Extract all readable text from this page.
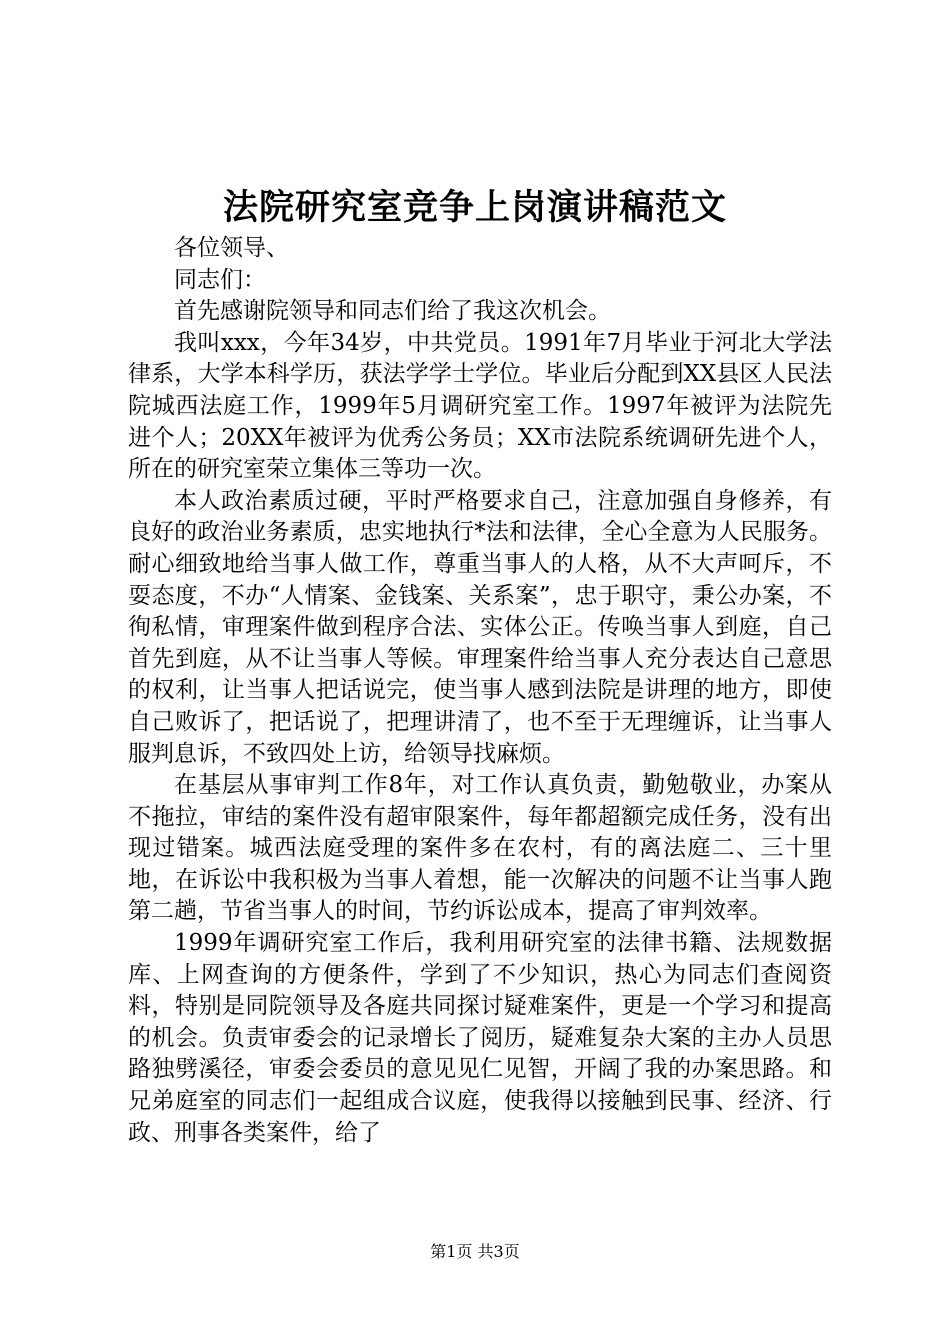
法院研究室竞争上岗演讲稿范文

各位领导、

同志们：

首先感谢院领导和同志们给了我这次机会。

我叫xxx，今年34岁，中共党员。1991年7月毕业于河北大学法律系，大学本科学历，获法学学士学位。毕业后分配到XX县区人民法院城西法庭工作，1999年5月调研究室工作。1997年被评为法院先进个人；20XX年被评为优秀公务员；XX市法院系统调研先进个人，所在的研究室荣立集体三等功一次。

本人政治素质过硬，平时严格要求自己，注意加强自身修养，有良好的政治业务素质，忠实地执行*法和法律，全心全意为人民服务。耐心细致地给当事人做工作，尊重当事人的人格，从不大声呵斥，不耍态度，不办“人情案、金钱案、关系案”，忠于职守，秉公办案，不徇私情，审理案件做到程序合法、实体公正。传唤当事人到庭，自己首先到庭，从不让当事人等候。审理案件给当事人充分表达自己意思的权利，让当事人把话说完，使当事人感到法院是讲理的地方，即使自己败诉了，把话说了，把理讲清了，也不至于无理缠诉，让当事人服判息诉，不致四处上访，给领导找麻烦。

在基层从事审判工作8年，对工作认真负责，勤勉敬业，办案从不拖拉，审结的案件没有超审限案件，每年都超额完成任务，没有出现过错案。城西法庭受理的案件多在农村，有的离法庭二、三十里地，在诉讼中我积极为当事人着想，能一次解决的问题不让当事人跑第二趟，节省当事人的时间，节约诉讼成本，提高了审判效率。

1999年调研究室工作后，我利用研究室的法律书籍、法规数据库、上网查询的方便条件，学到了不少知识，热心为同志们查阅资料，特别是同院领导及各庭共同探讨疑难案件，更是一个学习和提高的机会。负责审委会的记录增长了阅历，疑难复杂大案的主办人员思路独劈溪径，审委会委员的意见见仁见智，开阔了我的办案思路。和兄弟庭室的同志们一起组成合议庭，使我得以接触到民事、经济、行政、刑事各类案件，给了

第1页 共3页
